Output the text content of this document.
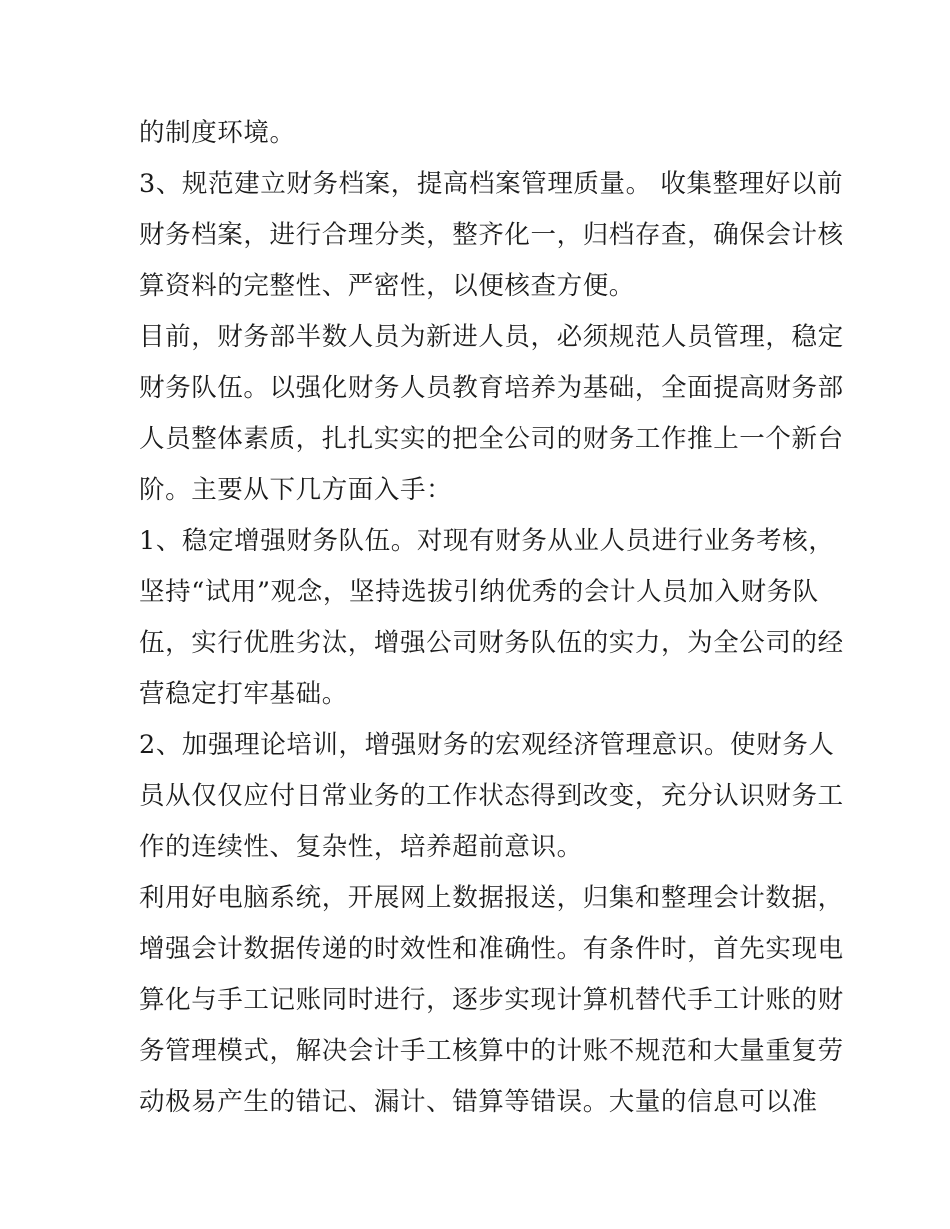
的制度环境。
3、规范建立财务档案，提高档案管理质量。 收集整理好以前
财务档案，进行合理分类，整齐化一，归档存查，确保会计核
算资料的完整性、严密性，以便核查方便。
目前，财务部半数人员为新进人员，必须规范人员管理，稳定
财务队伍。以强化财务人员教育培养为基础，全面提高财务部
人员整体素质，扎扎实实的把全公司的财务工作推上一个新台
阶。主要从下几方面入手：
1、稳定增强财务队伍。对现有财务从业人员进行业务考核，
坚持“试用”观念，坚持选拔引纳优秀的会计人员加入财务队
伍，实行优胜劣汰，增强公司财务队伍的实力，为全公司的经
营稳定打牢基础。
2、加强理论培训，增强财务的宏观经济管理意识。使财务人
员从仅仅应付日常业务的工作状态得到改变，充分认识财务工
作的连续性、复杂性，培养超前意识。
利用好电脑系统，开展网上数据报送，归集和整理会计数据，
增强会计数据传递的时效性和准确性。有条件时，首先实现电
算化与手工记账同时进行，逐步实现计算机替代手工计账的财
务管理模式，解决会计手工核算中的计账不规范和大量重复劳
动极易产生的错记、漏计、错算等错误。大量的信息可以准
